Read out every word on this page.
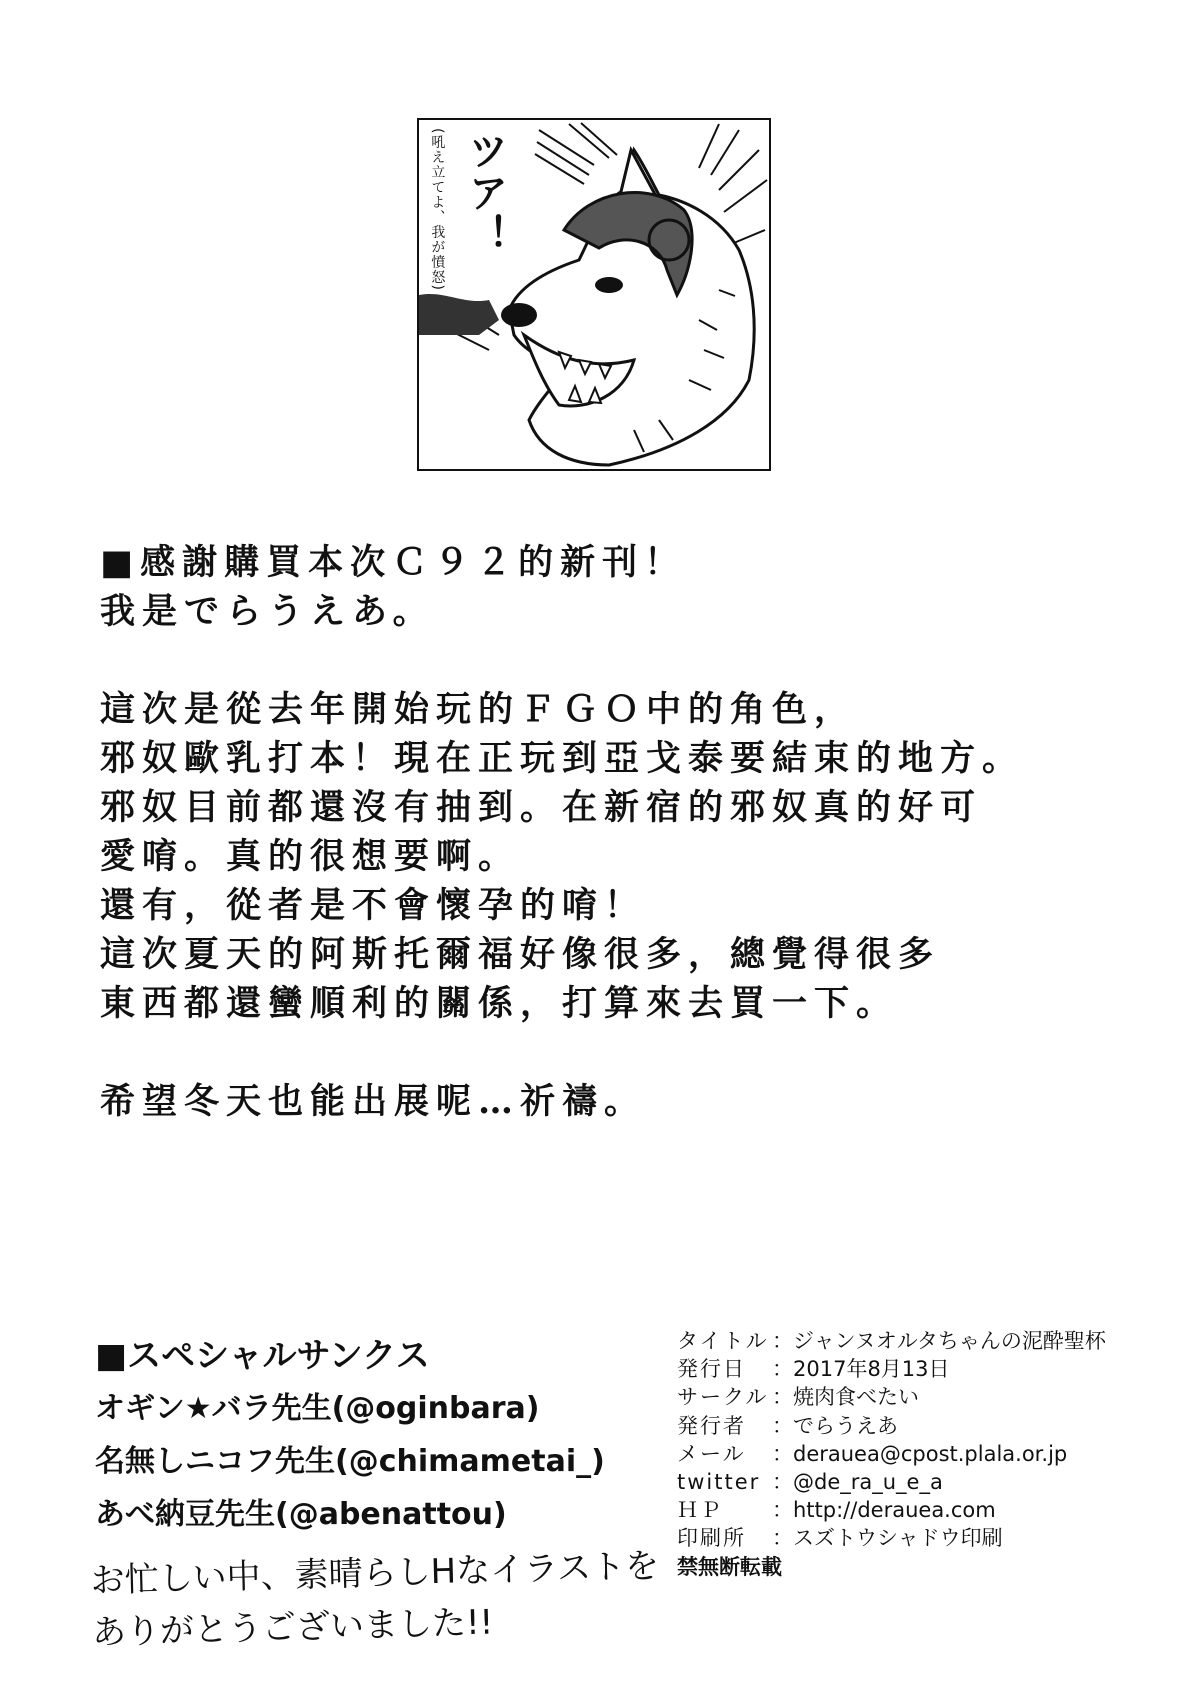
ツア！
(吼え立てよ、我が憤怒)
■感謝購買本次Ｃ９２的新刊！
我是でらうえあ。
這次是從去年開始玩的ＦＧＯ中的角色，
邪奴歐乳打本！現在正玩到亞戈泰要結束的地方。
邪奴目前都還沒有抽到。在新宿的邪奴真的好可
愛唷。真的很想要啊。
還有，從者是不會懷孕的唷！
這次夏天的阿斯托爾福好像很多，總覺得很多
東西都還蠻順利的關係，打算來去買一下。
希望冬天也能出展呢…祈禱。
■スペシャルサンクス
オギン★バラ先生(@oginbara)
名無しニコフ先生(@chimametai_)
あべ納豆先生(@abenattou)
お忙しい中、素晴らしHなイラストを
ありがとうございました!!
タイトル ：ジャンヌオルタちゃんの泥酔聖杯
発行日	：2017年8月13日
サークル ：焼肉食べたい
発行者	：でらうえあ
メール	：derauea@cpost.plala.or.jp
twitter ：@de_ra_u_e_a
ＨＰ	：http://derauea.com
印刷所	：スズトウシャドウ印刷
禁無断転載
